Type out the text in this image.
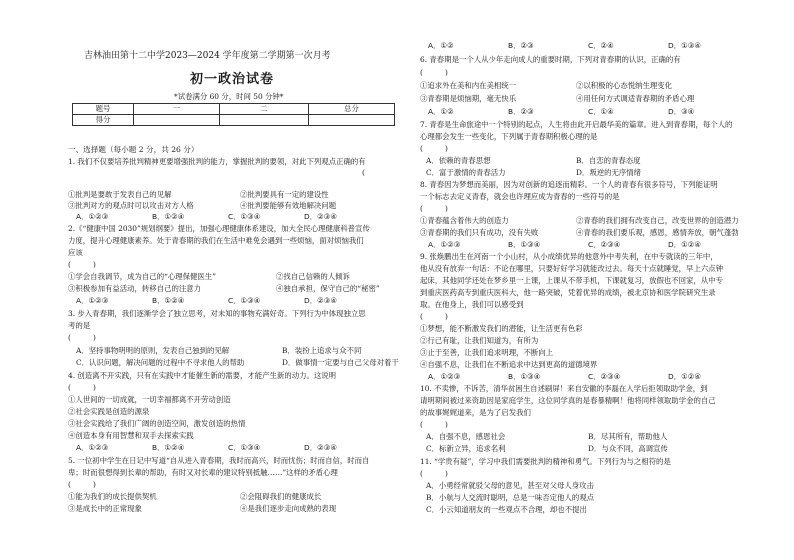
吉林油田第十二中学2023—2024 学年度第二学期第一次月考
初一政治试卷
*试卷满分 60 分，时间 50 分钟*
题号	一	二	总分
得分			
一、选择题（每小题 2 分，共 26 分）
1. 我们不仅要培养批判精神更要增强批判的能力，掌握批判的要领，对此下列观点正确的有
(
①批判是要敢于发表自己的见解	②批判要具有一定的建设性
③批判对方的观点时可以攻击对方人格	④批判要能够有效地解决问题
A．①②③	B．①②④	C．①③④	D．②③④
2.《“健康中国 2030”规划纲要》提出，加强心理健康体系建设，加大全民心理健康科普宣传
力度，提升心理健康素养。处于青春期的我们在生活中难免会遇到一些烦恼，面对烦恼我们
应该
(　　　)
①学会自我调节，成为自己的“心理保健医生”	②找自己信赖的人倾诉
③积极参加有益活动，转移自己的注意力	④独自承担，保守自己的“秘密”
A．①②③	B．①②④	C．①③④	D．②③④
3. 步入青春期，我们逐渐学会了独立思考，对未知的事物充满好奇。下列行为中体现独立思
考的是
(　　　)
A．坚持事物明明的原则，发表自己独到的见解	B．装扮上追求与众不同
C．认识问题，解决问题的过程中不寻求他人的帮助	D．做事情一定要与自己父母对着干
4. 创造离不开实践，只有在实践中才能催生新的需要，才能产生新的动力。这说明
(　　　)
①人世间的一切成就，一切幸福都离不开劳动创造
②社会实践是创造的源泉
③社会实践给了我们广阔的创造空间，激发创造的热情
④创造本身有用智慧和双手去探索实践
A．①②③	B．①②④	C．①③④	D．②③④
5. 一位初中学生在日记中写道“自从进入青春期，我时而高兴，时而忧伤；时而自信，时而自
卑；时而很想得到长辈的帮助，有时又对长辈的建议特别抵触……”这样的矛盾心理
(　　　)
①能为我们的成长提供契机	②会阻碍我们的健康成长
③是成长中的正常现象	④是我们逐步走向成熟的表现
A．①②	B．②③	C．②④	D．①③④
6. 青春期是一个人从少年走向成人的重要时期，下列对青春期的认识，正确的有
(　　　)
①追求外在美和内在美相统一	②以积极的心态悦纳生理变化
③青春期是烦恼期，毫无快乐	④用任何方式调适青春期的矛盾心理
A．①②	B．②③	C．①④	D．③④
7. 青春是生命旅途中一个特别的起点，人生将由此开启最华美的篇章。进入到青春期，每个人的
心理都会发生一些变化，下列属于青春期积极心理的是
(　　　)
A．依赖的青春思想	B．自恋的青春态度
C．富于激情的青春活力	D．叛逆的无序情绪
8. 青春因为梦想而美丽，因为对创新的追逐而精彩。一个人的青春有很多符号，下列能证明
一个标志去定义青春，就会也许理应成为青春的一些符号的是
(　　　)
①青春蕴含着伟大的创造力	②青春的我们拥有改变自己，改变世界的创造潜力
③青春期的我们只有成功，没有失败	④青春的我们要乐观，感恩，感情奔放，朝气蓬勃
A．①②③	B．①③④	C．②③④	D．①②④
9. 张焕鹏出生在河南一个小山村，从小成绩优异的他意外中考失利，在中专就读的三年中，
他从没有放弃一句话：不论在哪里，只要好好学习就能改过去。每天十点就睡觉，早上六点钟
起床，其他同学还处在梦乡里一上课，上课从不带手机，下课就复习，放假也不回家，从中专
到重庆医药高专到重庆医科大，他一路突破，凭着优异的成绩，被北京协和医学院研究生录
取。在他身上，我们可以感受到
(　　　)
①梦想，能不断激发我们的潜能，让生活更有色彩
②行己有耻，让我们知道为，有所为
③止于至善，让我们追求明理，不断向上
④自强不息，让我们在不断追求中达到更高的道德境界
A．①②③	B．①③④	C．②③④	D．①②④
10. 不卖惨，不诉苦，清华贫困生自述刷屏！来自安徽的李磊在入学后拒领取助学金，到
请明期间被过来资助因是家庭学生，这位同学真的是春暴精啊！他将同样领取助学金的自己
的故事娓娓道来，是为了启发我们
(　　　)
A．自强不息，感恩社会	B．尽其所有，帮助他人
C．标新立异，追求名利	D．与众不同，高调宣传
11. “学贵有疑”，学习中我们需要批判的精神和勇气。下列行为与之相符的是
(　　　)
A．小勇经常就驳父母的意见，甚至对父母人身攻击
B．小航与人交流时聪明，总是一味否定他人的观点
C．小云知道朋友的一些观点不合理，却也不提出
